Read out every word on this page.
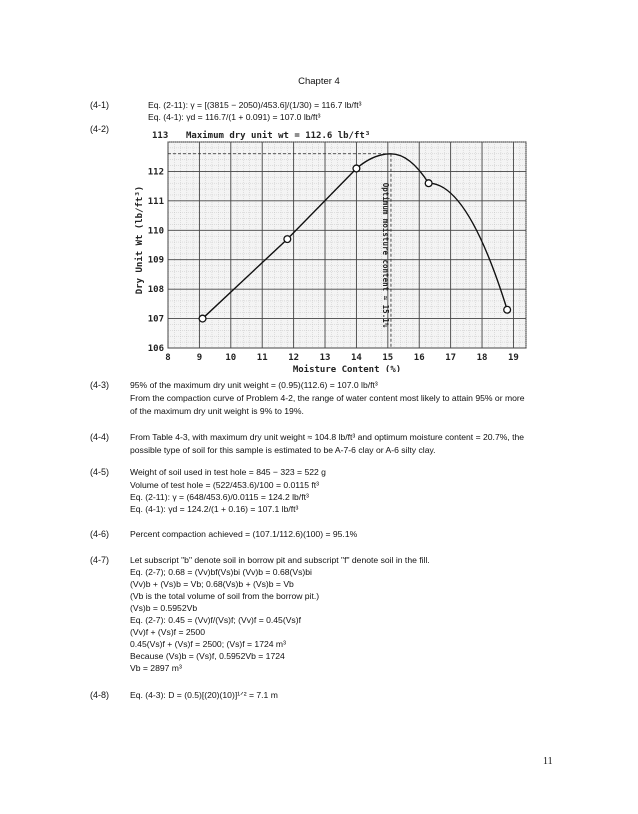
Chapter 4
(4-1)	Eq. (2-11): γ = [(3815 − 2050)/453.6]/(1/30) = 116.7 lb/ft³
Eq. (4-1): γd = 116.7/(1 + 0.091) = 107.0 lb/ft³
(4-2)
8	9	10 11 12 13 14 15 16 17 18 19
106
107
108
109
110
111
112
Moisture Content (%)
Dry Unit Wt (lb/ft³)
Maximum dry unit wt = 112.6 lb/ft³
113
Optimum moisture content ≈ 15.1%
(4-3) 95% of the maximum dry unit weight = (0.95)(112.6) = 107.0 lb/ft³
From the compaction curve of Problem 4-2, the range of water content most likely to attain 95% or more
of the maximum dry unit weight is 9% to 19%.
(4-4) From Table 4-3, with maximum dry unit weight ≈ 104.8 lb/ft³ and optimum moisture content = 20.7%, the
possible type of soil for this sample is estimated to be A-7-6 clay or A-6 silty clay.
(4-5) Weight of soil used in test hole = 845 − 323 = 522 g
Volume of test hole = (522/453.6)/100 = 0.0115 ft³
Eq. (2-11): γ = (648/453.6)/0.0115 = 124.2 lb/ft³
Eq. (4-1): γd = 124.2/(1 + 0.16) = 107.1 lb/ft³
(4-6) Percent compaction achieved = (107.1/112.6)(100) = 95.1%
(4-7) Let subscript "b" denote soil in borrow pit and subscript "f" denote soil in the fill.
Eq. (2-7); 0.68 = (Vv)bf(Vs)bi (Vv)b = 0.68(Vs)bi
(Vv)b + (Vs)b = Vb; 0.68(Vs)b + (Vs)b = Vb
(Vb is the total volume of soil from the borrow pit.)
(Vs)b = 0.5952Vb
Eq. (2-7): 0.45 = (Vv)f/(Vs)f; (Vv)f = 0.45(Vs)f
(Vv)f + (Vs)f = 2500
0.45(Vs)f + (Vs)f = 2500; (Vs)f = 1724 m³
Because (Vs)b = (Vs)f, 0.5952Vb = 1724
Vb = 2897 m³
(4-8) Eq. (4-3): D = (0.5)[(20)(10)]¹ᐟ² = 7.1 m
11
